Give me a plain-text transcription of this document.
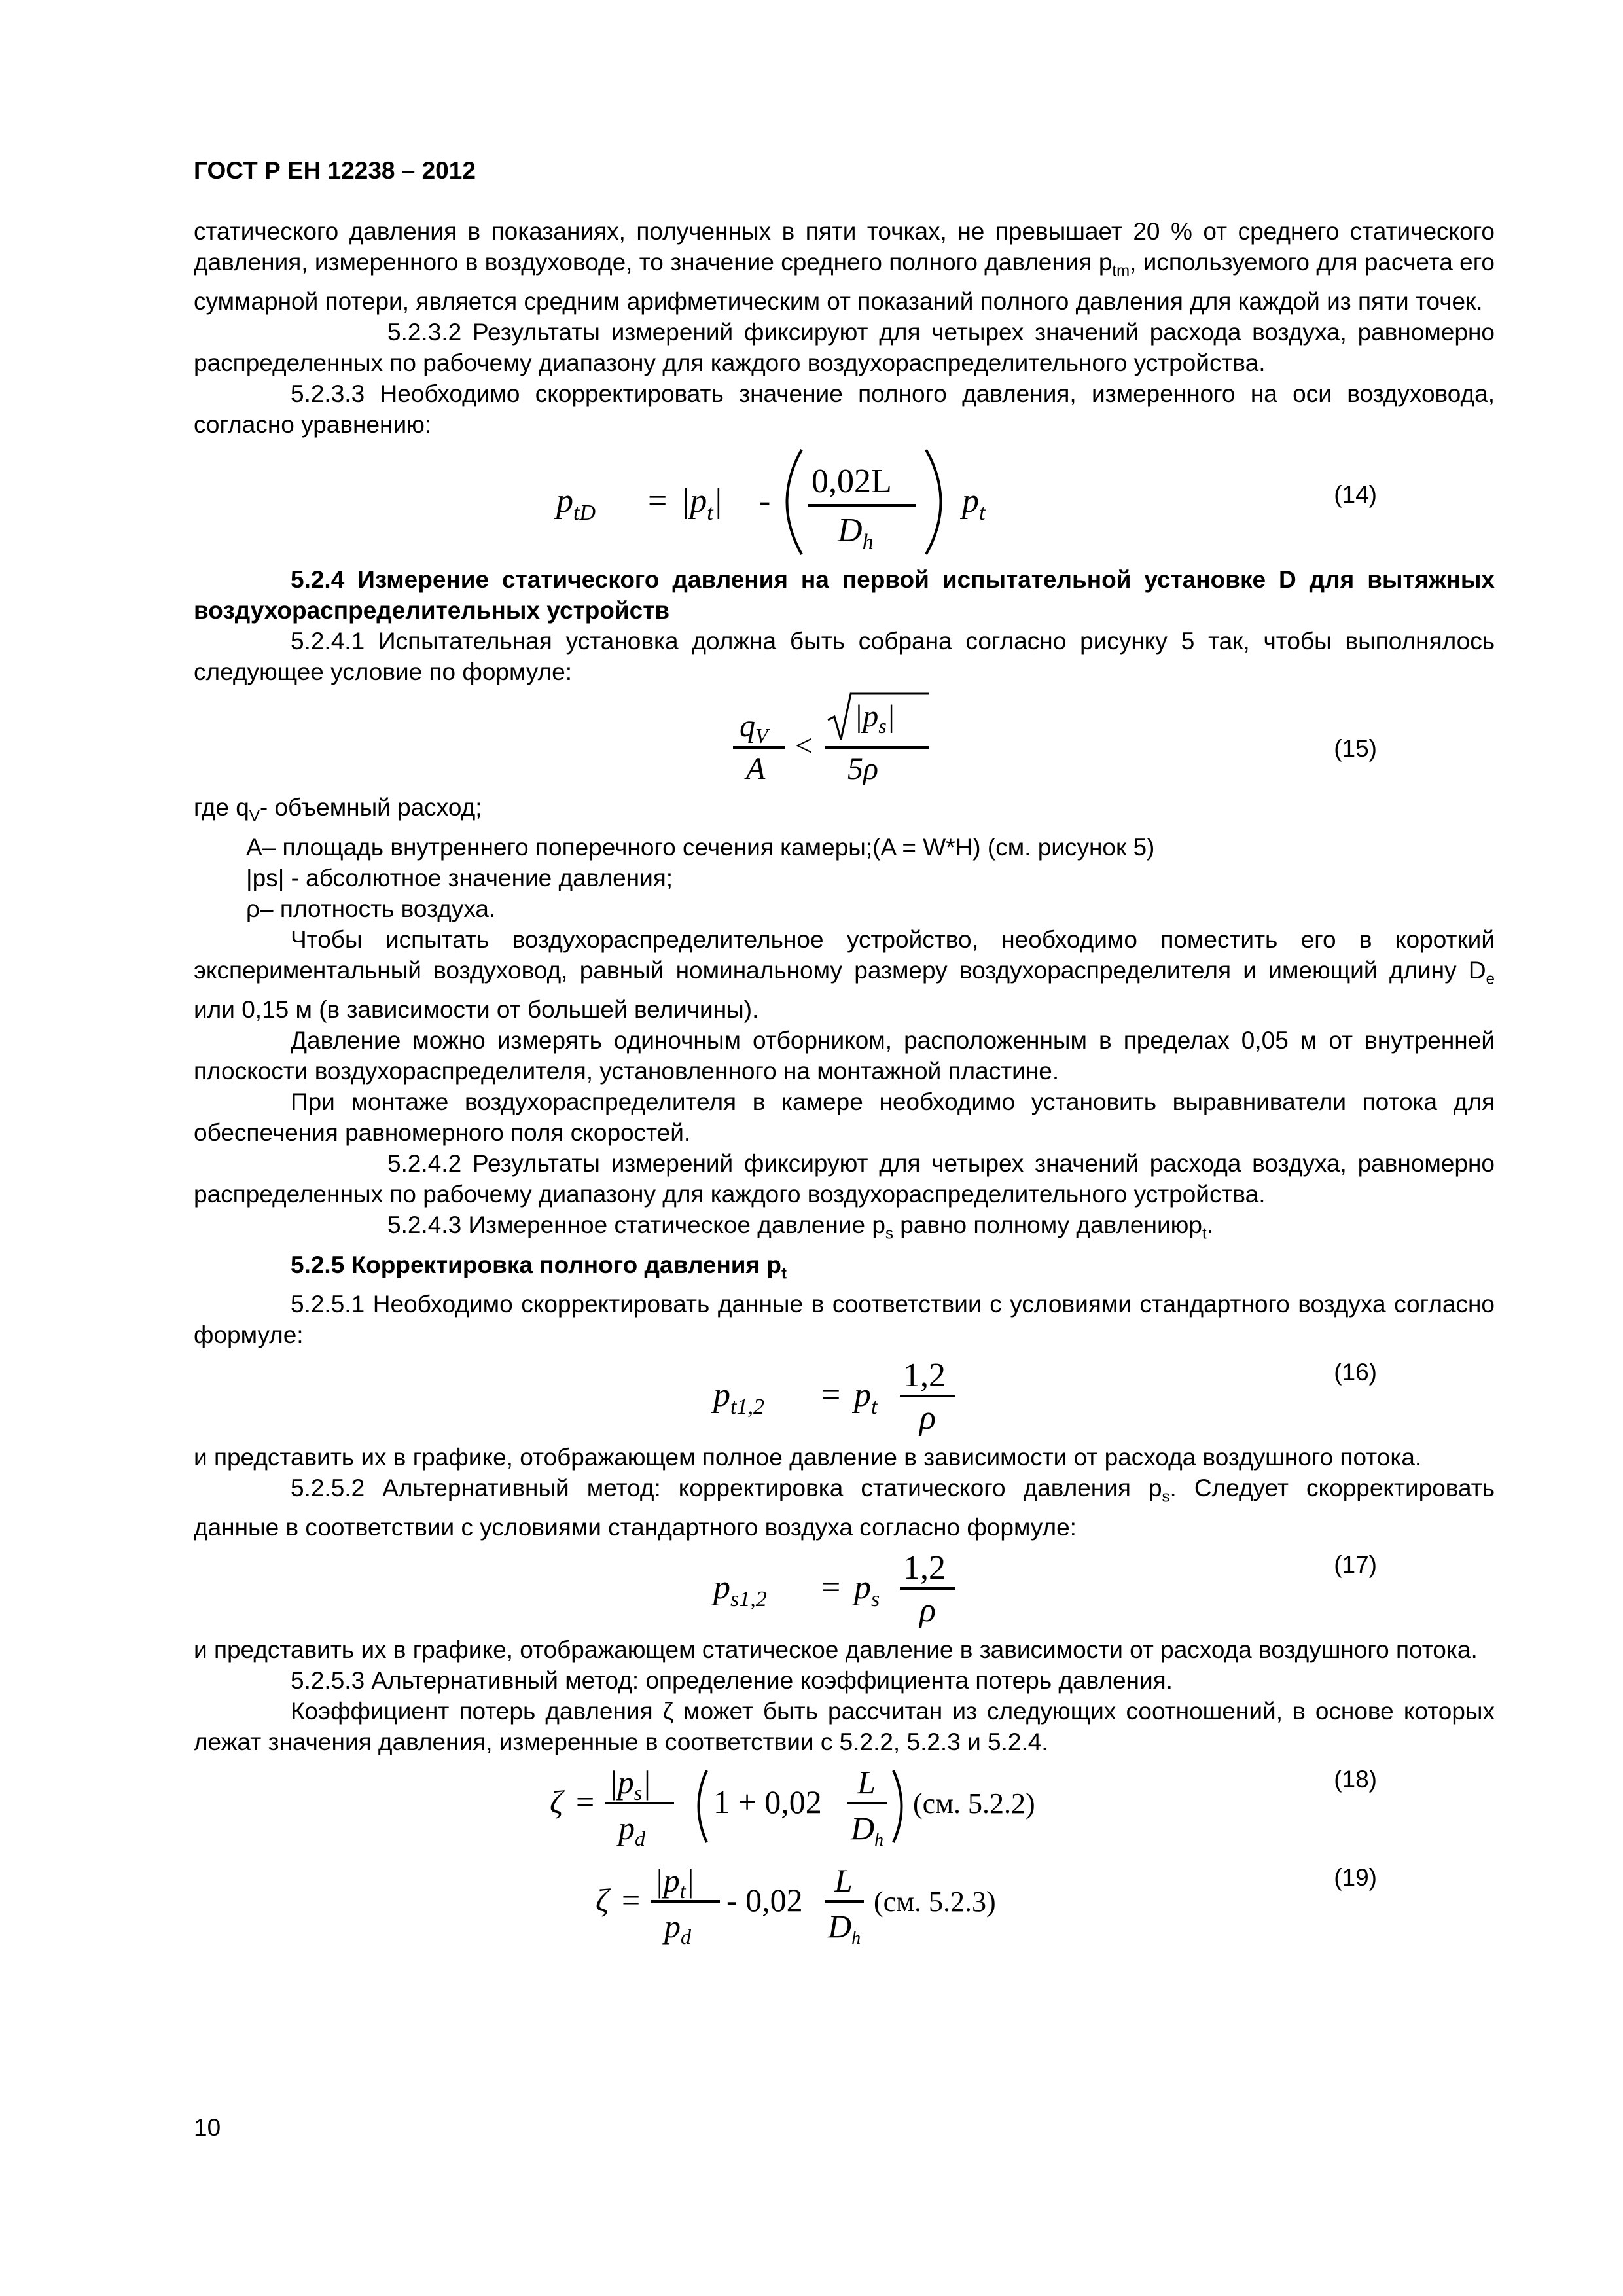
ГОСТ Р ЕН 12238 – 2012

статического давления в показаниях, полученных в пяти точках, не превышает 20 % от среднего статического давления, измеренного в воздуховоде, то значение среднего полного давления $p_{tm}$, используемого для расчета его суммарной потери, является средним арифметическим от показаний полного давления для каждой из пяти точек.

5.2.3.2 Результаты измерений фиксируют для четырех значений расхода воздуха, равномерно распределенных по рабочему диапазону для каждого воздухораспределительного устройства.

5.2.3.3 Необходимо скорректировать значение полного давления, измеренного на оси воздуховода, согласно уравнению:

$p_{tD} = |p_t|$ -
0,02L
$D_h$
$p_t$
(14)

5.2.4 Измерение статического давления на первой испытательной установке D для вытяжных воздухораспределительных устройств

5.2.4.1 Испытательная установка должна быть собрана согласно рисунку 5 так, чтобы выполнялось следующее условие по формуле:

$q_V$
A
<
$|p_s|$
5ρ
(15)

где $q_V-$ объемный расход;

A– площадь внутреннего поперечного сечения камеры;(A = W*H) (см. рисунок 5)

|ps| - абсолютное значение давления;

ρ– плотность воздуха.

Чтобы испытать воздухораспределительное устройство, необходимо поместить его в короткий экспериментальный воздуховод, равный номинальному размеру воздухораспределителя и имеющий длину $D_e$ или 0,15 м (в зависимости от большей величины).

Давление можно измерять одиночным отборником, расположенным в пределах 0,05 м от внутренней плоскости воздухораспределителя, установленного на монтажной пластине.

При монтаже воздухораспределителя в камере необходимо установить выравниватели потока для обеспечения равномерного поля скоростей.

5.2.4.2 Результаты измерений фиксируют для четырех значений расхода воздуха, равномерно распределенных по рабочему диапазону для каждого воздухораспределительного устройства.

5.2.4.3 Измеренное статическое давление $p_s$ равно полному давлениюp$_t$.

5.2.5 Корректировка полного давления $p_t$

5.2.5.1 Необходимо скорректировать данные в соответствии с условиями стандартного воздуха согласно формуле:

$p_{t1,2} = p_t$
1,2
ρ
(16)

и представить их в графике, отображающем полное давление в зависимости от расхода воздушного потока.

5.2.5.2 Альтернативный метод: корректировка статического давления $p_s$. Следует скорректировать данные в соответствии с условиями стандартного воздуха согласно формуле:

$p_{s1,2} = p_s$
1,2
ρ
(17)

и представить их в графике, отображающем статическое давление в зависимости от расхода воздушного потока.

5.2.5.3 Альтернативный метод: определение коэффициента потерь давления.

Коэффициент потерь давления ζ может быть рассчитан из следующих соотношений, в основе которых лежат значения давления, измеренные в соответствии с 5.2.2, 5.2.3 и 5.2.4.

ζ =
$|p_s|$
$p_d$
1 + 0,02
L
$D_h$
(см. 5.2.2)
(18)
ζ =
$|p_t|$
$p_d$
- 0,02
L
$D_h$
(см. 5.2.3)
(19)
10
